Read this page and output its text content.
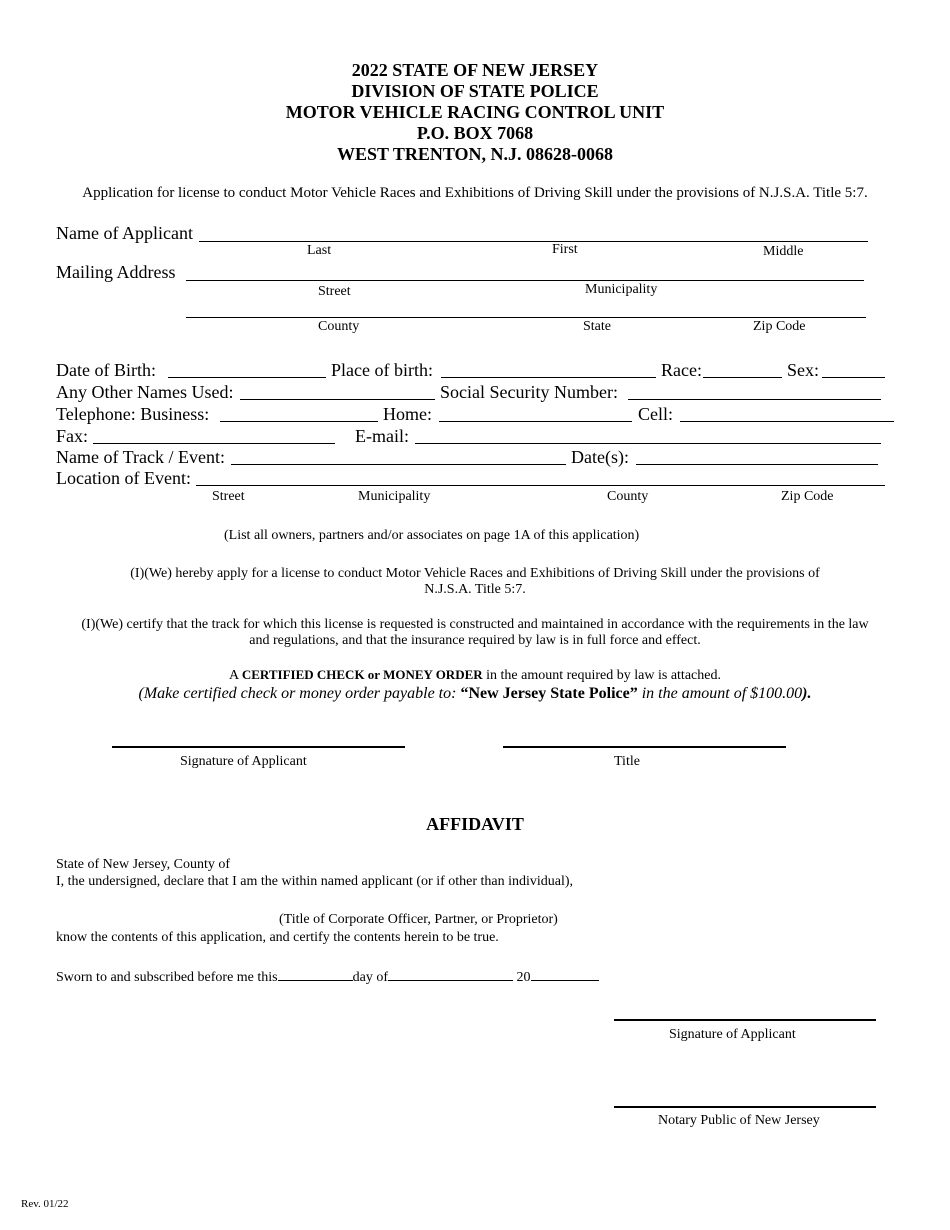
2022 STATE OF NEW JERSEY
DIVISION OF STATE POLICE
MOTOR VEHICLE RACING CONTROL UNIT
P.O. BOX 7068
WEST TRENTON, N.J. 08628-0068
Application for license to conduct Motor Vehicle Races and Exhibitions of Driving Skill under the provisions of N.J.S.A. Title 5:7.
Name of Applicant
Last	First	Middle
Mailing Address
Street	Municipality
County	State	Zip Code
Date of Birth:	Place of birth:	Race:	Sex:
Any Other Names Used:	Social Security Number:
Telephone: Business:	Home:	Cell:
Fax:	E-mail:
Name of Track / Event:	Date(s):
Location of Event:
Street	Municipality	County	Zip Code
(List all owners, partners and/or associates on page 1A of this application)
(I)(We) hereby apply for a license to conduct Motor Vehicle Races and Exhibitions of Driving Skill under the provisions of
N.J.S.A. Title 5:7.
(I)(We) certify that the track for which this license is requested is constructed and maintained in accordance with the requirements in the law
and regulations, and that the insurance required by law is in full force and effect.
A CERTIFIED CHECK or MONEY ORDER in the amount required by law is attached.
(Make certified check or money order payable to: “New Jersey State Police” in the amount of $100.00).
Signature of Applicant	Title
AFFIDAVIT
State of New Jersey, County of
I, the undersigned, declare that I am the within named applicant (or if other than individual),
(Title of Corporate Officer, Partner, or Proprietor)
know the contents of this application, and certify the contents herein to be true.
Sworn to and subscribed before me this	day of	20
Signature of Applicant
Notary Public of New Jersey
Rev. 01/22
